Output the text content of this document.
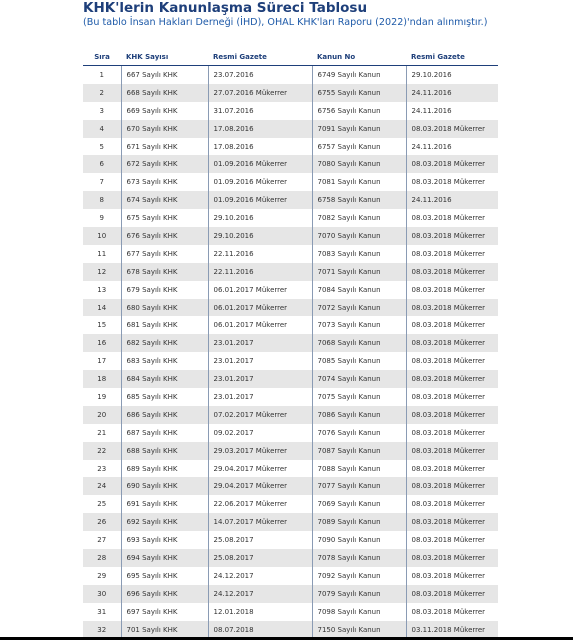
KHK'lerin Kanunlaşma Süreci Tablosu
(Bu tablo İnsan Hakları Derneği (İHD), OHAL KHK'ları Raporu (2022)'ndan alınmıştır.)
Sıra	KHK Sayısı	Resmi Gazete	Kanun No	Resmi Gazete
1	667 Sayılı KHK	23.07.2016	6749 Sayılı Kanun	29.10.2016
2	668 Sayılı KHK	27.07.2016 Mükerrer	6755 Sayılı Kanun	24.11.2016
3	669 Sayılı KHK	31.07.2016	6756 Sayılı Kanun	24.11.2016
4	670 Sayılı KHK	17.08.2016	7091 Sayılı Kanun	08.03.2018 Mükerrer
5	671 Sayılı KHK	17.08.2016	6757 Sayılı Kanun	24.11.2016
6	672 Sayılı KHK	01.09.2016 Mükerrer	7080 Sayılı Kanun	08.03.2018 Mükerrer
7	673 Sayılı KHK	01.09.2016 Mükerrer	7081 Sayılı Kanun	08.03.2018 Mükerrer
8	674 Sayılı KHK	01.09.2016 Mükerrer	6758 Sayılı Kanun	24.11.2016
9	675 Sayılı KHK	29.10.2016	7082 Sayılı Kanun	08.03.2018 Mükerrer
10	676 Sayılı KHK	29.10.2016	7070 Sayılı Kanun	08.03.2018 Mükerrer
11	677 Sayılı KHK	22.11.2016	7083 Sayılı Kanun	08.03.2018 Mükerrer
12	678 Sayılı KHK	22.11.2016	7071 Sayılı Kanun	08.03.2018 Mükerrer
13	679 Sayılı KHK	06.01.2017 Mükerrer	7084 Sayılı Kanun	08.03.2018 Mükerrer
14	680 Sayılı KHK	06.01.2017 Mükerrer	7072 Sayılı Kanun	08.03.2018 Mükerrer
15	681 Sayılı KHK	06.01.2017 Mükerrer	7073 Sayılı Kanun	08.03.2018 Mükerrer
16	682 Sayılı KHK	23.01.2017	7068 Sayılı Kanun	08.03.2018 Mükerrer
17	683 Sayılı KHK	23.01.2017	7085 Sayılı Kanun	08.03.2018 Mükerrer
18	684 Sayılı KHK	23.01.2017	7074 Sayılı Kanun	08.03.2018 Mükerrer
19	685 Sayılı KHK	23.01.2017	7075 Sayılı Kanun	08.03.2018 Mükerrer
20	686 Sayılı KHK	07.02.2017 Mükerrer	7086 Sayılı Kanun	08.03.2018 Mükerrer
21	687 Sayılı KHK	09.02.2017	7076 Sayılı Kanun	08.03.2018 Mükerrer
22	688 Sayılı KHK	29.03.2017 Mükerrer	7087 Sayılı Kanun	08.03.2018 Mükerrer
23	689 Sayılı KHK	29.04.2017 Mükerrer	7088 Sayılı Kanun	08.03.2018 Mükerrer
24	690 Sayılı KHK	29.04.2017 Mükerrer	7077 Sayılı Kanun	08.03.2018 Mükerrer
25	691 Sayılı KHK	22.06.2017 Mükerrer	7069 Sayılı Kanun	08.03.2018 Mükerrer
26	692 Sayılı KHK	14.07.2017 Mükerrer	7089 Sayılı Kanun	08.03.2018 Mükerrer
27	693 Sayılı KHK	25.08.2017	7090 Sayılı Kanun	08.03.2018 Mükerrer
28	694 Sayılı KHK	25.08.2017	7078 Sayılı Kanun	08.03.2018 Mükerrer
29	695 Sayılı KHK	24.12.2017	7092 Sayılı Kanun	08.03.2018 Mükerrer
30	696 Sayılı KHK	24.12.2017	7079 Sayılı Kanun	08.03.2018 Mükerrer
31	697 Sayılı KHK	12.01.2018	7098 Sayılı Kanun	08.03.2018 Mükerrer
32	701 Sayılı KHK	08.07.2018	7150 Sayılı Kanun	03.11.2018 Mükerrer
